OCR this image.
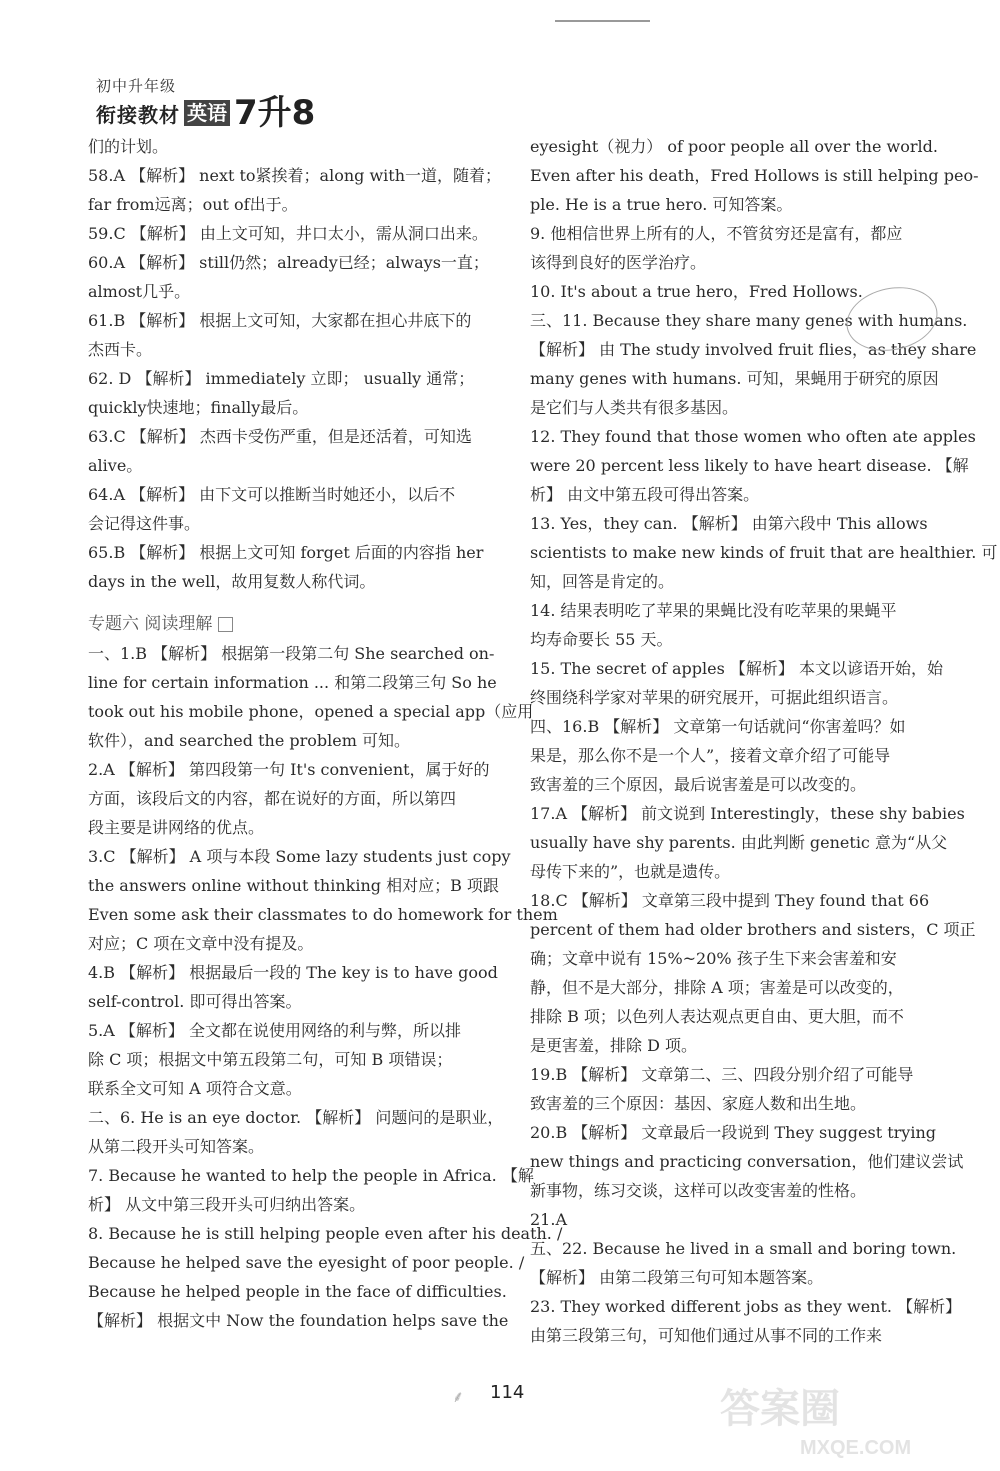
初中升年级
衔接教材 英语 7升8
们的计划。
58.A 【解析】 next to紧挨着；along with一道，随着；
far from远离；out of出于。
59.C 【解析】 由上文可知，井口太小，需从洞口出来。
60.A 【解析】 still仍然；already已经；always一直；
almost几乎。
61.B 【解析】 根据上文可知，大家都在担心井底下的
杰西卡。
62. D 【解析】 immediately 立即； usually 通常；
quickly快速地；finally最后。
63.C 【解析】 杰西卡受伤严重，但是还活着，可知选
alive。
64.A 【解析】 由下文可以推断当时她还小，以后不
会记得这件事。
65.B 【解析】 根据上文可知 forget 后面的内容指 her
days in the well，故用复数人称代词。
专题六 阅读理解
一、1.B 【解析】 根据第一段第二句 She searched on-
line for certain information ... 和第二段第三句 So he
took out his mobile phone，opened a special app（应用
软件），and searched the problem 可知。
2.A 【解析】 第四段第一句 It's convenient，属于好的
方面，该段后文的内容，都在说好的方面，所以第四
段主要是讲网络的优点。
3.C 【解析】 A 项与本段 Some lazy students just copy
the answers online without thinking 相对应；B 项跟
Even some ask their classmates to do homework for them
对应；C 项在文章中没有提及。
4.B 【解析】 根据最后一段的 The key is to have good
self-control. 即可得出答案。
5.A 【解析】 全文都在说使用网络的利与弊，所以排
除 C 项；根据文中第五段第二句，可知 B 项错误；
联系全文可知 A 项符合文意。
二、6. He is an eye doctor. 【解析】 问题问的是职业，
从第二段开头可知答案。
7. Because he wanted to help the people in Africa. 【解
析】 从文中第三段开头可归纳出答案。
8. Because he is still helping people even after his death. /
Because he helped save the eyesight of poor people. /
Because he helped people in the face of difficulties.
【解析】 根据文中 Now the foundation helps save the
eyesight（视力） of poor people all over the world.
Even after his death，Fred Hollows is still helping peo-
ple. He is a true hero. 可知答案。
9. 他相信世界上所有的人，不管贫穷还是富有，都应
该得到良好的医学治疗。
10. It's about a true hero，Fred Hollows.
三、11. Because they share many genes with humans.
【解析】 由 The study involved fruit flies，as they share
many genes with humans. 可知，果蝇用于研究的原因
是它们与人类共有很多基因。
12. They found that those women who often ate apples
were 20 percent less likely to have heart disease. 【解
析】 由文中第五段可得出答案。
13. Yes，they can. 【解析】 由第六段中 This allows
scientists to make new kinds of fruit that are healthier. 可
知，回答是肯定的。
14. 结果表明吃了苹果的果蝇比没有吃苹果的果蝇平
均寿命要长 55 天。
15. The secret of apples 【解析】 本文以谚语开始，始
终围绕科学家对苹果的研究展开，可据此组织语言。
四、16.B 【解析】 文章第一句话就问“你害羞吗？如
果是，那么你不是一个人”，接着文章介绍了可能导
致害羞的三个原因，最后说害羞是可以改变的。
17.A 【解析】 前文说到 Interestingly，these shy babies
usually have shy parents. 由此判断 genetic 意为“从父
母传下来的”，也就是遗传。
18.C 【解析】 文章第三段中提到 They found that 66
percent of them had older brothers and sisters，C 项正
确；文章中说有 15%~20% 孩子生下来会害羞和安
静，但不是大部分，排除 A 项；害羞是可以改变的，
排除 B 项；以色列人表达观点更自由、更大胆，而不
是更害羞，排除 D 项。
19.B 【解析】 文章第二、三、四段分别介绍了可能导
致害羞的三个原因：基因、家庭人数和出生地。
20.B 【解析】 文章最后一段说到 They suggest trying
new things and practicing conversation，他们建议尝试
新事物，练习交谈，这样可以改变害羞的性格。
21.A
五、22. Because he lived in a small and boring town.
【解析】 由第二段第三句可知本题答案。
23. They worked different jobs as they went. 【解析】
由第三段第三句，可知他们通过从事不同的工作来
⸙ 114	答案圈
MXQE.COM
